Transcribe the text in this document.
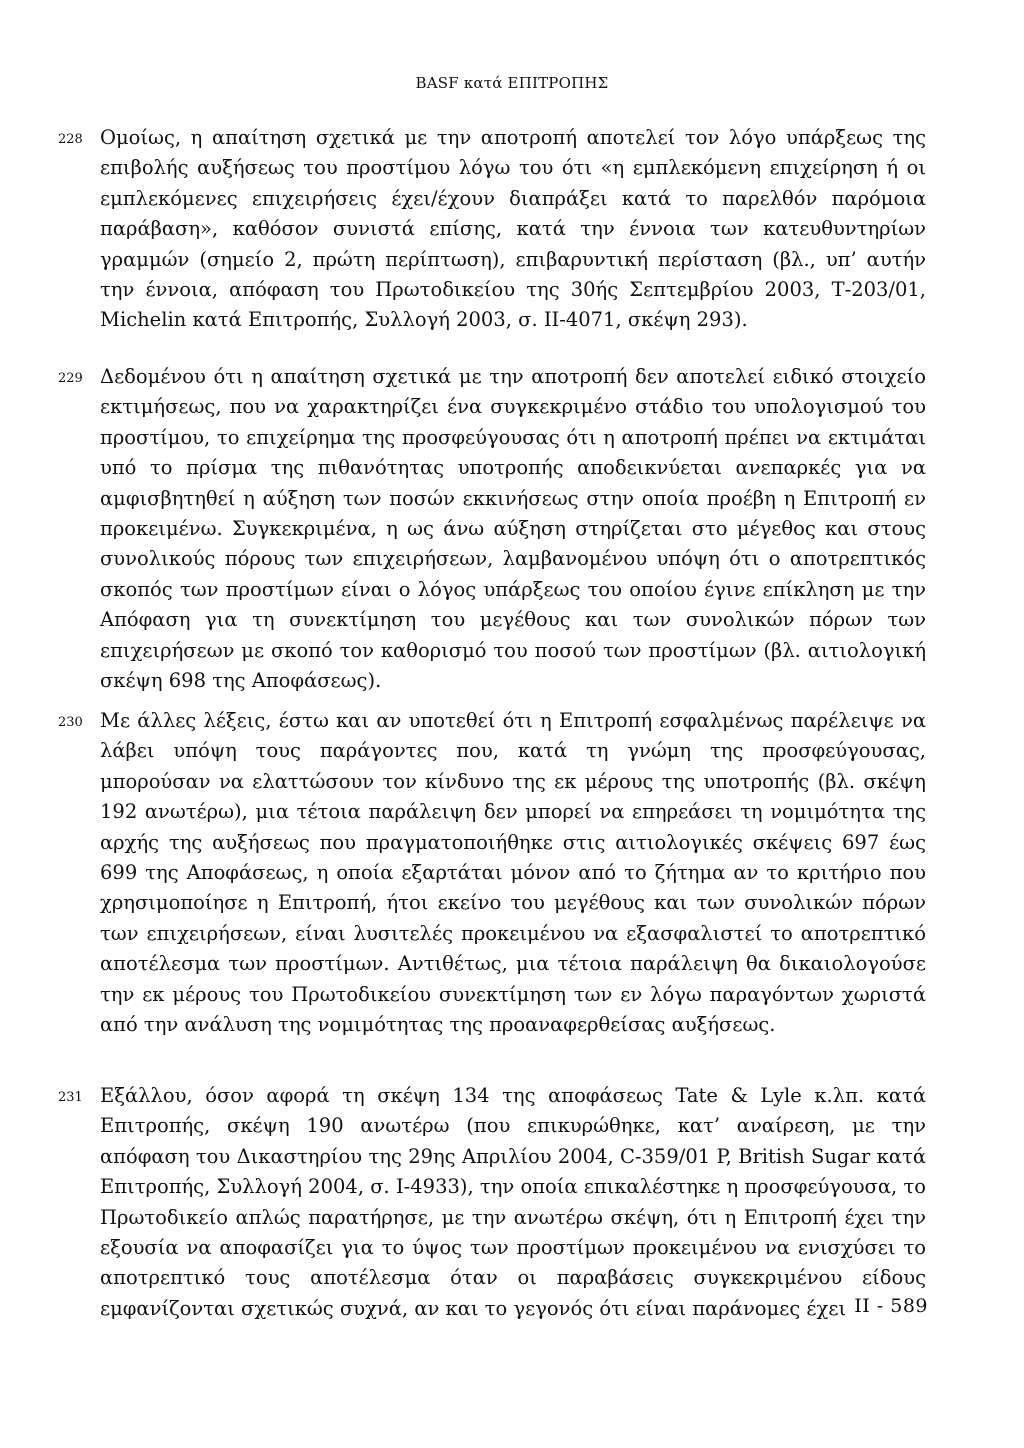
BASF κατά ΕΠΙΤΡΟΠΗΣ
228 Ομοίως, η απαίτηση σχετικά με την αποτροπή αποτελεί τον λόγο υπάρξεως της επιβολής αυξήσεως του προστίμου λόγω του ότι «η εμπλεκόμενη επιχείρηση ή οι εμπλεκόμενες επιχειρήσεις έχει/έχουν διαπράξει κατά το παρελθόν παρόμοια παράβαση», καθόσον συνιστά επίσης, κατά την έννοια των κατευθυντηρίων γραμμών (σημείο 2, πρώτη περίπτωση), επιβαρυντική περίσταση (βλ., υπ’ αυτήν την έννοια, απόφαση του Πρωτοδικείου της 30ής Σεπτεμβρίου 2003, Τ-203/01, Michelin κατά Επιτροπής, Συλλογή 2003, σ. II-4071, σκέψη 293).
229 Δεδομένου ότι η απαίτηση σχετικά με την αποτροπή δεν αποτελεί ειδικό στοιχείο εκτιμήσεως, που να χαρακτηρίζει ένα συγκεκριμένο στάδιο του υπολογισμού του προστίμου, το επιχείρημα της προσφεύγουσας ότι η αποτροπή πρέπει να εκτιμάται υπό το πρίσμα της πιθανότητας υποτροπής αποδεικνύεται ανεπαρκές για να αμφισβητηθεί η αύξηση των ποσών εκκινήσεως στην οποία προέβη η Επιτροπή εν προκειμένω. Συγκεκριμένα, η ως άνω αύξηση στηρίζεται στο μέγεθος και στους συνολικούς πόρους των επιχειρήσεων, λαμβανομένου υπόψη ότι ο αποτρεπτικός σκοπός των προστίμων είναι ο λόγος υπάρξεως του οποίου έγινε επίκληση με την Απόφαση για τη συνεκτίμηση του μεγέθους και των συνολικών πόρων των επιχειρήσεων με σκοπό τον καθορισμό του ποσού των προστίμων (βλ. αιτιολογική σκέψη 698 της Αποφάσεως).
230 Με άλλες λέξεις, έστω και αν υποτεθεί ότι η Επιτροπή εσφαλμένως παρέλειψε να λάβει υπόψη τους παράγοντες που, κατά τη γνώμη της προσφεύγουσας, μπορούσαν να ελαττώσουν τον κίνδυνο της εκ μέρους της υποτροπής (βλ. σκέψη 192 ανωτέρω), μια τέτοια παράλειψη δεν μπορεί να επηρεάσει τη νομιμότητα της αρχής της αυξήσεως που πραγματοποιήθηκε στις αιτιολογικές σκέψεις 697 έως 699 της Αποφάσεως, η οποία εξαρτάται μόνον από το ζήτημα αν το κριτήριο που χρησιμοποίησε η Επιτροπή, ήτοι εκείνο του μεγέθους και των συνολικών πόρων των επιχειρήσεων, είναι λυσιτελές προκειμένου να εξασφαλιστεί το αποτρεπτικό αποτέλεσμα των προστίμων. Αντιθέτως, μια τέτοια παράλειψη θα δικαιολογούσε την εκ μέρους του Πρωτοδικείου συνεκτίμηση των εν λόγω παραγόντων χωριστά από την ανάλυση της νομιμότητας της προαναφερθείσας αυξήσεως.
231 Εξάλλου, όσον αφορά τη σκέψη 134 της αποφάσεως Tate & Lyle κ.λπ. κατά Επιτροπής, σκέψη 190 ανωτέρω (που επικυρώθηκε, κατ’ αναίρεση, με την απόφαση του Δικαστηρίου της 29ης Απριλίου 2004, C-359/01 P, British Sugar κατά Επιτροπής, Συλλογή 2004, σ. I-4933), την οποία επικαλέστηκε η προσφεύγουσα, το Πρωτοδικείο απλώς παρατήρησε, με την ανωτέρω σκέψη, ότι η Επιτροπή έχει την εξουσία να αποφασίζει για το ύψος των προστίμων προκειμένου να ενισχύσει το αποτρεπτικό τους αποτέλεσμα όταν οι παραβάσεις συγκεκριμένου είδους εμφανίζονται σχετικώς συχνά, αν και το γεγονός ότι είναι παράνομες έχει II - 589
